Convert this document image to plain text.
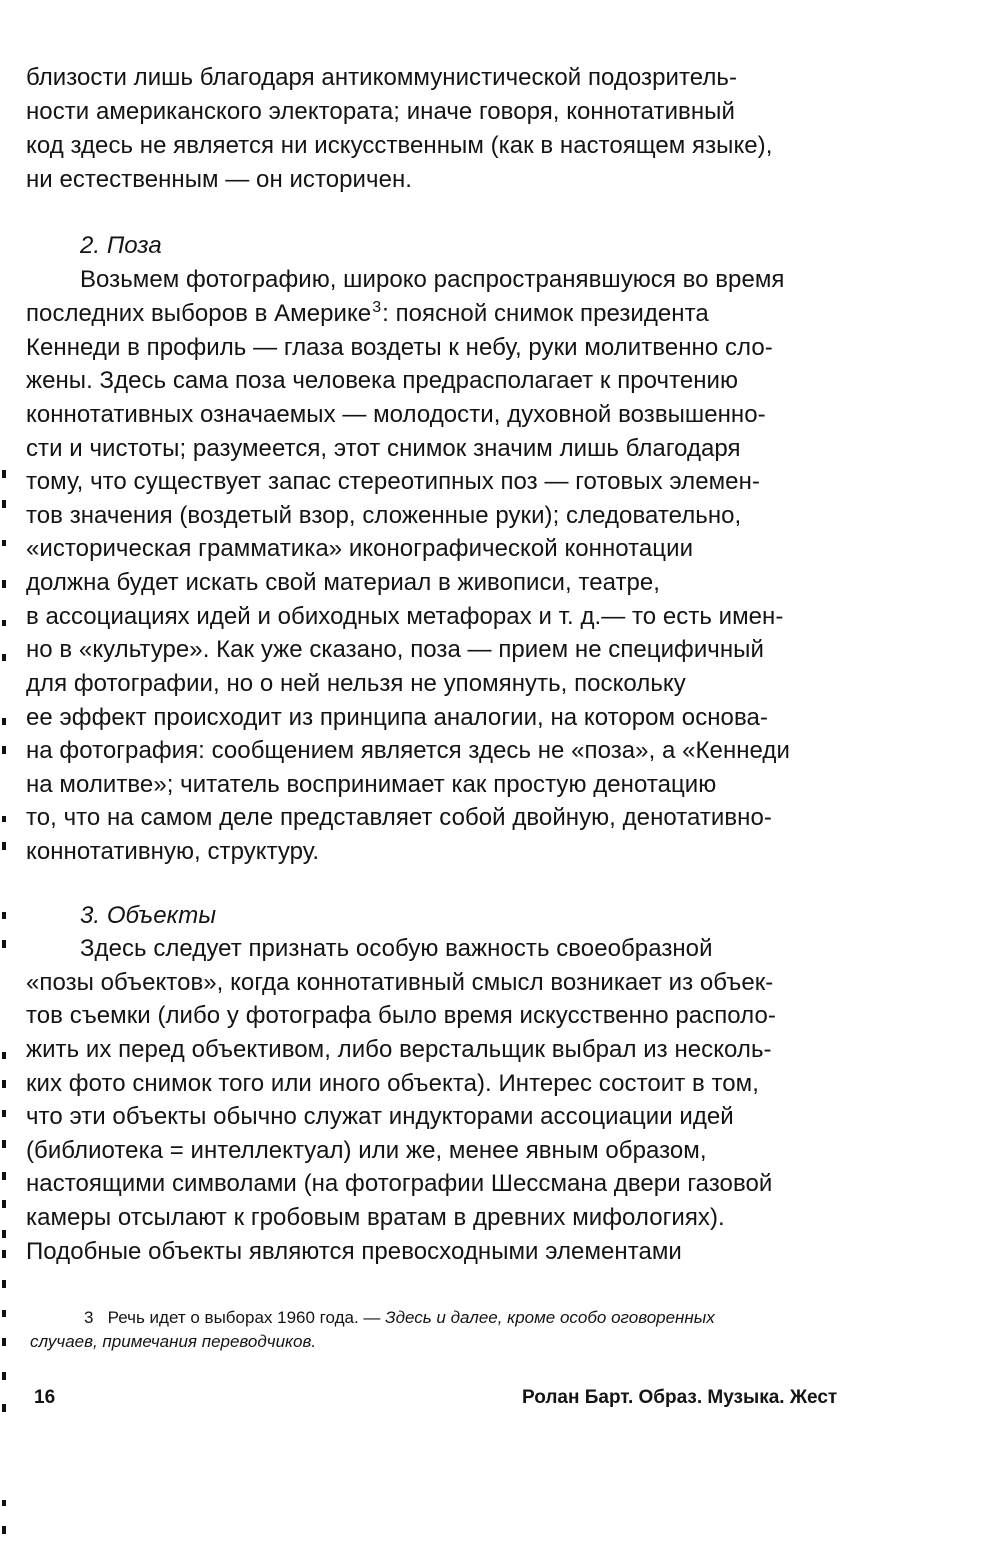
близости лишь благодаря антикоммунистической подозритель-
ности американского электората; иначе говоря, коннотативный
код здесь не является ни искусственным (как в настоящем языке),
ни естественным — он историчен.
2. Поза
Возьмем фотографию, широко распространявшуюся во время
последних выборов в Америке$^3$: поясной снимок президента
Кеннеди в профиль — глаза воздеты к небу, руки молитвенно сло-
жены. Здесь сама поза человека предрасполагает к прочтению
коннотативных означаемых — молодости, духовной возвышенно-
сти и чистоты; разумеется, этот снимок значим лишь благодаря
тому, что существует запас стереотипных поз — готовых элемен-
тов значения (воздетый взор, сложенные руки); следовательно,
«историческая грамматика» иконографической коннотации
должна будет искать свой материал в живописи, театре,
в ассоциациях идей и обиходных метафорах и т. д.— то есть имен-
но в «культуре». Как уже сказано, поза — прием не специфичный
для фотографии, но о ней нельзя не упомянуть, поскольку
ее эффект происходит из принципа аналогии, на котором основа-
на фотография: сообщением является здесь не «поза», а «Кеннеди
на молитве»; читатель воспринимает как простую денотацию
то, что на самом деле представляет собой двойную, денотативно-
коннотативную, структуру.
3. Объекты
Здесь следует признать особую важность своеобразной
«позы объектов», когда коннотативный смысл возникает из объек-
тов съемки (либо у фотографа было время искусственно располо-
жить их перед объективом, либо верстальщик выбрал из несколь-
ких фото снимок того или иного объекта). Интерес состоит в том,
что эти объекты обычно служат индукторами ассоциации идей
(библиотека = интеллектуал) или же, менее явным образом,
настоящими символами (на фотографии Шессмана двери газовой
камеры отсылают к гробовым вратам в древних мифологиях).
Подобные объекты являются превосходными элементами
3 Речь идет о выборах 1960 года. — Здесь и далее, кроме особо оговоренных
случаев, примечания переводчиков.
16	Ролан Барт. Образ. Музыка. Жест
